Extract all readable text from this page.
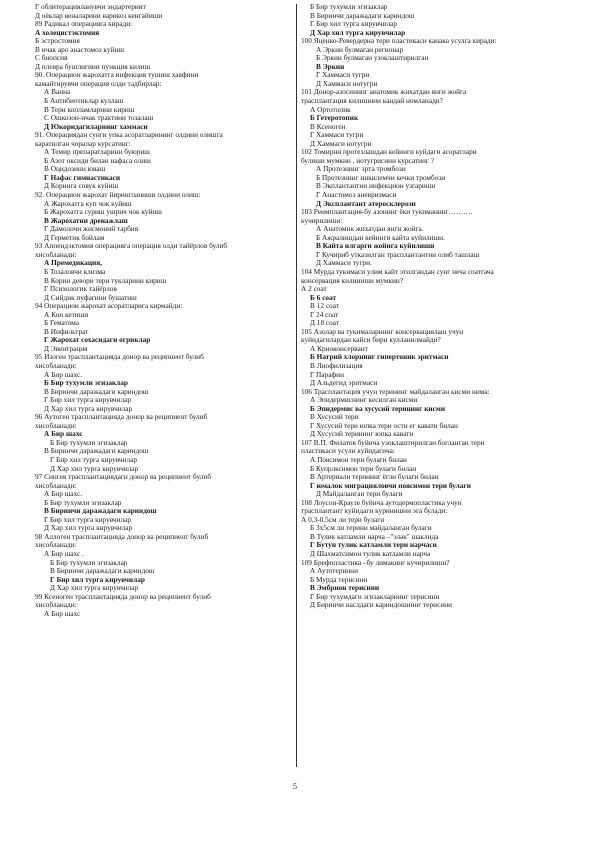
Г облитерацияланувчи эндартериит
Д оёклар веналарини варикоз кенгайиши
89 Радикал операцияга киради:
А холецистэктомия
Б эстростомия
В ичак аро анастомоз куйиш
С биопсия
Д плевра бушлигини пункция килиш
90. Операцион жарохатга инфекция тушиш хавфини
камайтирувчи операция олди тадбирлар:
А Ванна
Б Антибиотиклар куллаш
В Тери копламларини кириш
С Ошкозон-ичак трактини тозалаш
Д Юкоридагиларнинг хаммаси
91. Операциядан сунги упка асоратларининг олдини олишга
каратилган чоралар курсатинг:
А Темир препаратларини буюриш
Б Азот оксиди билан нафаса олиш
В Оцидозини юваш
Г Нафас гимнастикаси
Д Коринга совук куйиш
92. Операцион жарохат йирингланиши олдини олиш:
А Жарохатга куп чок куйиш
Б Жарохатга суриш ушрич чок куйиш
В Жарохатни дренажлаш
Г Дамолочи жисмоний тарбия
Д Герметик бойлам
93 Аппендэктомия операцияга операция олди тайёрлов булиб
хисобланади:
А Премедикация,
Б Тозаловчи клизма
В Корин девори тери тукларини кириш
Г Психологик тайёрлов
Д Сийдик пуфагини бушатиш
94 Операцион жарохат асоратларига кирмайди:
А Кон кетиши
Б Гематома
В Инфильтрат
Г Жарохат сохасидаги огриклар
Д Эвентрация
95 Изоген трасплантацияда донор ва реципиент булиб
хисобланади:
А Бир шахс.
Б Бир тухумли эгизаклар
В Биринчи даражадаги кариндош
Г Бир хил турга кирувчилар
Д Хар хил турга кирувчилар
96 Аутоген трасплантацияда донор ва реципиент булиб
хисобланади:
А Бир шахс
Б Бир тухумли эгизаклар
В Биринчи даражадаги кариндош
Г Бир хил турга кирувчилар
Д Хар хил турга кирувчилар
97 Сингея трасплантациядаги донор ва реципиент булиб
хисобланади:
А Бир шахс.
Б Бир тухумли эгизаклар
В Биринчи даражадаги кариндош
Г Бир хил турга кирувчилар
Д Хар хил турга кирувчилар
98 Аллоген трасплантацияда донор ва реципиент булиб
хисобланади:
А Бир шахс .
Б Бир тухумли эгизаклар
В Биринчи даражадаги кариндош
Г Бир хил турга кирувчилар
Д Хар хил турга кирувчилар
99 Ксеноген трасплантацияда донор ва реципиент булиб
хисобланади:
А Бир шахс
Б Бир тухумли эгизаклар
В Биринчи даражадаги кариндош
Г Бир хил турга кирувчилар
Д Хар хил турга кирувчилар
100 Яценко-Ревердерна тери пластикаси канака усулга киради:
А Эркин булмаган регионар
Б Эркин булмаган узоклаштирилган
В Эркин
Г Хаммаси тугри
Д Хаммаси нотугри
101 Донор-азосининг анатомик жихатдан янги жойга
трасплантация килишини кандай номланади?
А Ортотопик
Б Гетеротопик
В Ксеноген
Г Хаммаси тугри
Д Хаммаси нотугри
102 Томирни протезлашдан кейинги куйдаги асоратлари
булиши мумкин , нотугрисини курсатинг ?
А Протезнинг эрта тромбози
Б Протезнинг инкилемчи кечки тромбози
В Экплантантни инфекцион узгариши
Г Анастомоз аневризмаси
Д Эксплантант атеросклерози
103 Реимплантация-бу азонинг ёки тукиманинг……….
кучирилиши:
А Анатомик жихатдан янги жойга.
Б Ажралишдан кейинги кайта куйилиши.
В Кайта илгарги жойига куйилиши
Г Кучириб утказилган трасплантантни олиб ташлаш
Д Хаммаси тугри.
104 Мурда тукимаси улим кайт этилгандан сунг неча соатгача
консервация килиниши мумкин?
А 2 соат
Б 6 соат
В 12 соат
Г 24 соат
Д 18 соат
105 Азолар ва тукималарнинг консервациялаш учун
куйидагилардан кайси бири кулланилмайди?
А Криоконсервант
Б Натрий хлорнинг гипертоник эритмаси
В Лиофилизация
Г Парафин
Д Альдегид эритмаси
106 Трасплантация учун терининг майдаланган кисми нима:
А Эпидермиснинг кесилган кисми
Б Эпидермис ва хусусий терининг кисми
В Хусусий тери
Г Хусусий тери юпка тери ости ег кавати билан
Д Хусусий терининг юпка кавати
107 В.П. Филатов буйича узоклаштирилган богланган тери
пластикаси усули куйидагича:
А Поясимон тери булаги билан
Б Купрлксимон тери булаги билан
В Артериали терининг ёгли булаги билан
Г юмалок миграцияловчи поясимон тери булаги
Д Майдаланган тери булаги
108 Лоусон-Краузе буйича аутодермопластика учун
трасплантант куйидаги куринишни эга булади:
А 0,3-0.5см ли тери булаги
Б 3х5см ли терини майдаланган булаги
В Тулик катламли нарча –"элак" шаклида
Г Бутун тулик катламли тери нарчаси
Д Шахматсимон тулик катламли нарча
109 Брефопластика –бу лимакинг кучирилиши?
А Аутотеринни
Б Мурда терисини
В Эмбрион терисини
Г Бир тухумдаги эгизакларнинг терисини
Д Биринчи наслдаги кариндошнинг терисини
5
